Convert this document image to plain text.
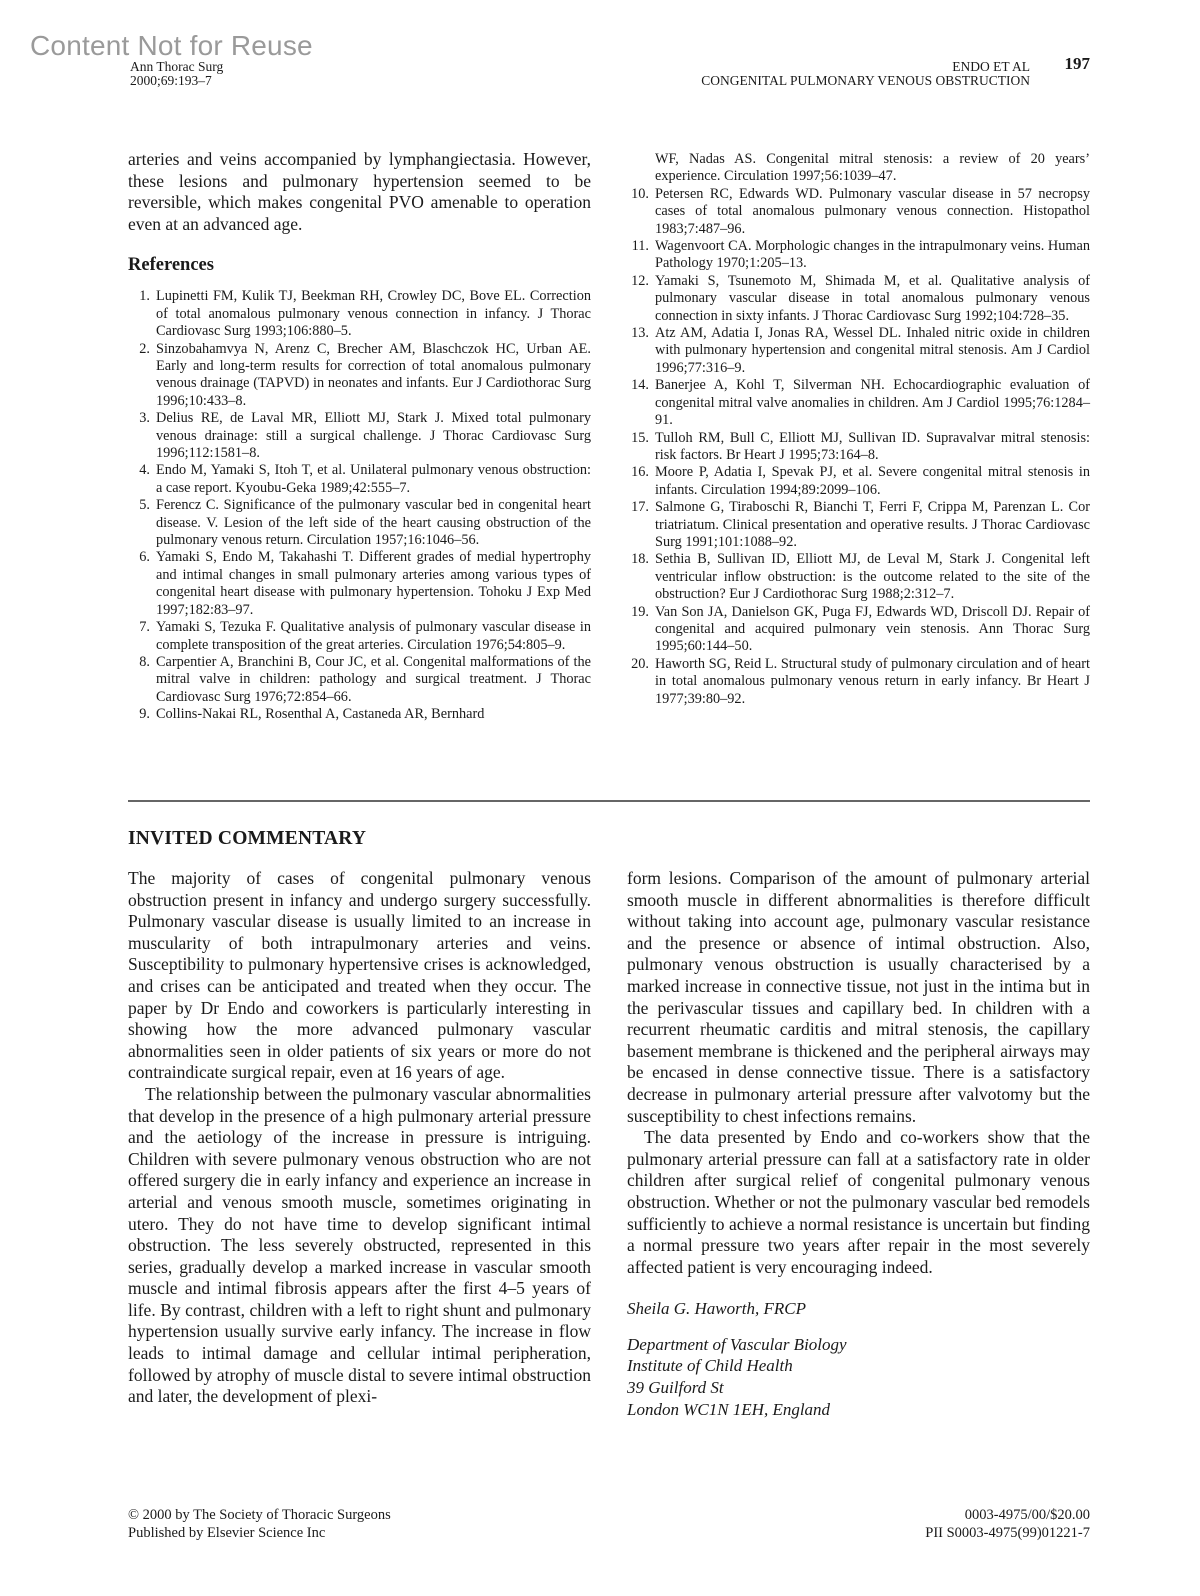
Content Not for Reuse
Ann Thorac Surg
2000;69:193–7
ENDO ET AL
CONGENITAL PULMONARY VENOUS OBSTRUCTION
197

arteries and veins accompanied by lymphangiectasia. However, these lesions and pulmonary hypertension seemed to be reversible, which makes congenital PVO amenable to operation even at an advanced age.

References
1. Lupinetti FM, Kulik TJ, Beekman RH, Crowley DC, Bove EL. Correction of total anomalous pulmonary venous connection in infancy. J Thorac Cardiovasc Surg 1993;106:880–5.
2. Sinzobahamvya N, Arenz C, Brecher AM, Blaschczok HC, Urban AE. Early and long-term results for correction of total anomalous pulmonary venous drainage (TAPVD) in neonates and infants. Eur J Cardiothorac Surg 1996;10:433–8.
3. Delius RE, de Laval MR, Elliott MJ, Stark J. Mixed total pulmonary venous drainage: still a surgical challenge. J Thorac Cardiovasc Surg 1996;112:1581–8.
4. Endo M, Yamaki S, Itoh T, et al. Unilateral pulmonary venous obstruction: a case report. Kyoubu-Geka 1989;42:555–7.
5. Ferencz C. Significance of the pulmonary vascular bed in congenital heart disease. V. Lesion of the left side of the heart causing obstruction of the pulmonary venous return. Circulation 1957;16:1046–56.
6. Yamaki S, Endo M, Takahashi T. Different grades of medial hypertrophy and intimal changes in small pulmonary arteries among various types of congenital heart disease with pulmonary hypertension. Tohoku J Exp Med 1997;182:83–97.
7. Yamaki S, Tezuka F. Qualitative analysis of pulmonary vascular disease in complete transposition of the great arteries. Circulation 1976;54:805–9.
8. Carpentier A, Branchini B, Cour JC, et al. Congenital malformations of the mitral valve in children: pathology and surgical treatment. J Thorac Cardiovasc Surg 1976;72:854–66.
9. Collins-Nakai RL, Rosenthal A, Castaneda AR, Bernhard
WF, Nadas AS. Congenital mitral stenosis: a review of 20 years’ experience. Circulation 1997;56:1039–47.
10. Petersen RC, Edwards WD. Pulmonary vascular disease in 57 necropsy cases of total anomalous pulmonary venous connection. Histopathol 1983;7:487–96.
11. Wagenvoort CA. Morphologic changes in the intrapulmonary veins. Human Pathology 1970;1:205–13.
12. Yamaki S, Tsunemoto M, Shimada M, et al. Qualitative analysis of pulmonary vascular disease in total anomalous pulmonary venous connection in sixty infants. J Thorac Cardiovasc Surg 1992;104:728–35.
13. Atz AM, Adatia I, Jonas RA, Wessel DL. Inhaled nitric oxide in children with pulmonary hypertension and congenital mitral stenosis. Am J Cardiol 1996;77:316–9.
14. Banerjee A, Kohl T, Silverman NH. Echocardiographic evaluation of congenital mitral valve anomalies in children. Am J Cardiol 1995;76:1284–91.
15. Tulloh RM, Bull C, Elliott MJ, Sullivan ID. Supravalvar mitral stenosis: risk factors. Br Heart J 1995;73:164–8.
16. Moore P, Adatia I, Spevak PJ, et al. Severe congenital mitral stenosis in infants. Circulation 1994;89:2099–106.
17. Salmone G, Tiraboschi R, Bianchi T, Ferri F, Crippa M, Parenzan L. Cor triatriatum. Clinical presentation and operative results. J Thorac Cardiovasc Surg 1991;101:1088–92.
18. Sethia B, Sullivan ID, Elliott MJ, de Leval M, Stark J. Congenital left ventricular inflow obstruction: is the outcome related to the site of the obstruction? Eur J Cardiothorac Surg 1988;2:312–7.
19. Van Son JA, Danielson GK, Puga FJ, Edwards WD, Driscoll DJ. Repair of congenital and acquired pulmonary vein stenosis. Ann Thorac Surg 1995;60:144–50.
20. Haworth SG, Reid L. Structural study of pulmonary circulation and of heart in total anomalous pulmonary venous return in early infancy. Br Heart J 1977;39:80–92.
INVITED COMMENTARY

The majority of cases of congenital pulmonary venous obstruction present in infancy and undergo surgery successfully. Pulmonary vascular disease is usually limited to an increase in muscularity of both intrapulmonary arteries and veins. Susceptibility to pulmonary hypertensive crises is acknowledged, and crises can be anticipated and treated when they occur. The paper by Dr Endo and coworkers is particularly interesting in showing how the more advanced pulmonary vascular abnormalities seen in older patients of six years or more do not contraindicate surgical repair, even at 16 years of age.

The relationship between the pulmonary vascular abnormalities that develop in the presence of a high pulmonary arterial pressure and the aetiology of the increase in pressure is intriguing. Children with severe pulmonary venous obstruction who are not offered surgery die in early infancy and experience an increase in arterial and venous smooth muscle, sometimes originating in utero. They do not have time to develop significant intimal obstruction. The less severely obstructed, represented in this series, gradually develop a marked increase in vascular smooth muscle and intimal fibrosis appears after the first 4–5 years of life. By contrast, children with a left to right shunt and pulmonary hypertension usually survive early infancy. The increase in flow leads to intimal damage and cellular intimal peripheration, followed by atrophy of muscle distal to severe intimal obstruction and later, the development of plexi-

form lesions. Comparison of the amount of pulmonary arterial smooth muscle in different abnormalities is therefore difficult without taking into account age, pulmonary vascular resistance and the presence or absence of intimal obstruction. Also, pulmonary venous obstruction is usually characterised by a marked increase in connective tissue, not just in the intima but in the perivascular tissues and capillary bed. In children with a recurrent rheumatic carditis and mitral stenosis, the capillary basement membrane is thickened and the peripheral airways may be encased in dense connective tissue. There is a satisfactory decrease in pulmonary arterial pressure after valvotomy but the susceptibility to chest infections remains.

The data presented by Endo and co-workers show that the pulmonary arterial pressure can fall at a satisfactory rate in older children after surgical relief of congenital pulmonary venous obstruction. Whether or not the pulmonary vascular bed remodels sufficiently to achieve a normal resistance is uncertain but finding a normal pressure two years after repair in the most severely affected patient is very encouraging indeed.

Sheila G. Haworth, FRCP
Department of Vascular Biology
Institute of Child Health
39 Guilford St
London WC1N 1EH, England
© 2000 by The Society of Thoracic Surgeons
Published by Elsevier Science Inc
0003-4975/00/$20.00
PII S0003-4975(99)01221-7
